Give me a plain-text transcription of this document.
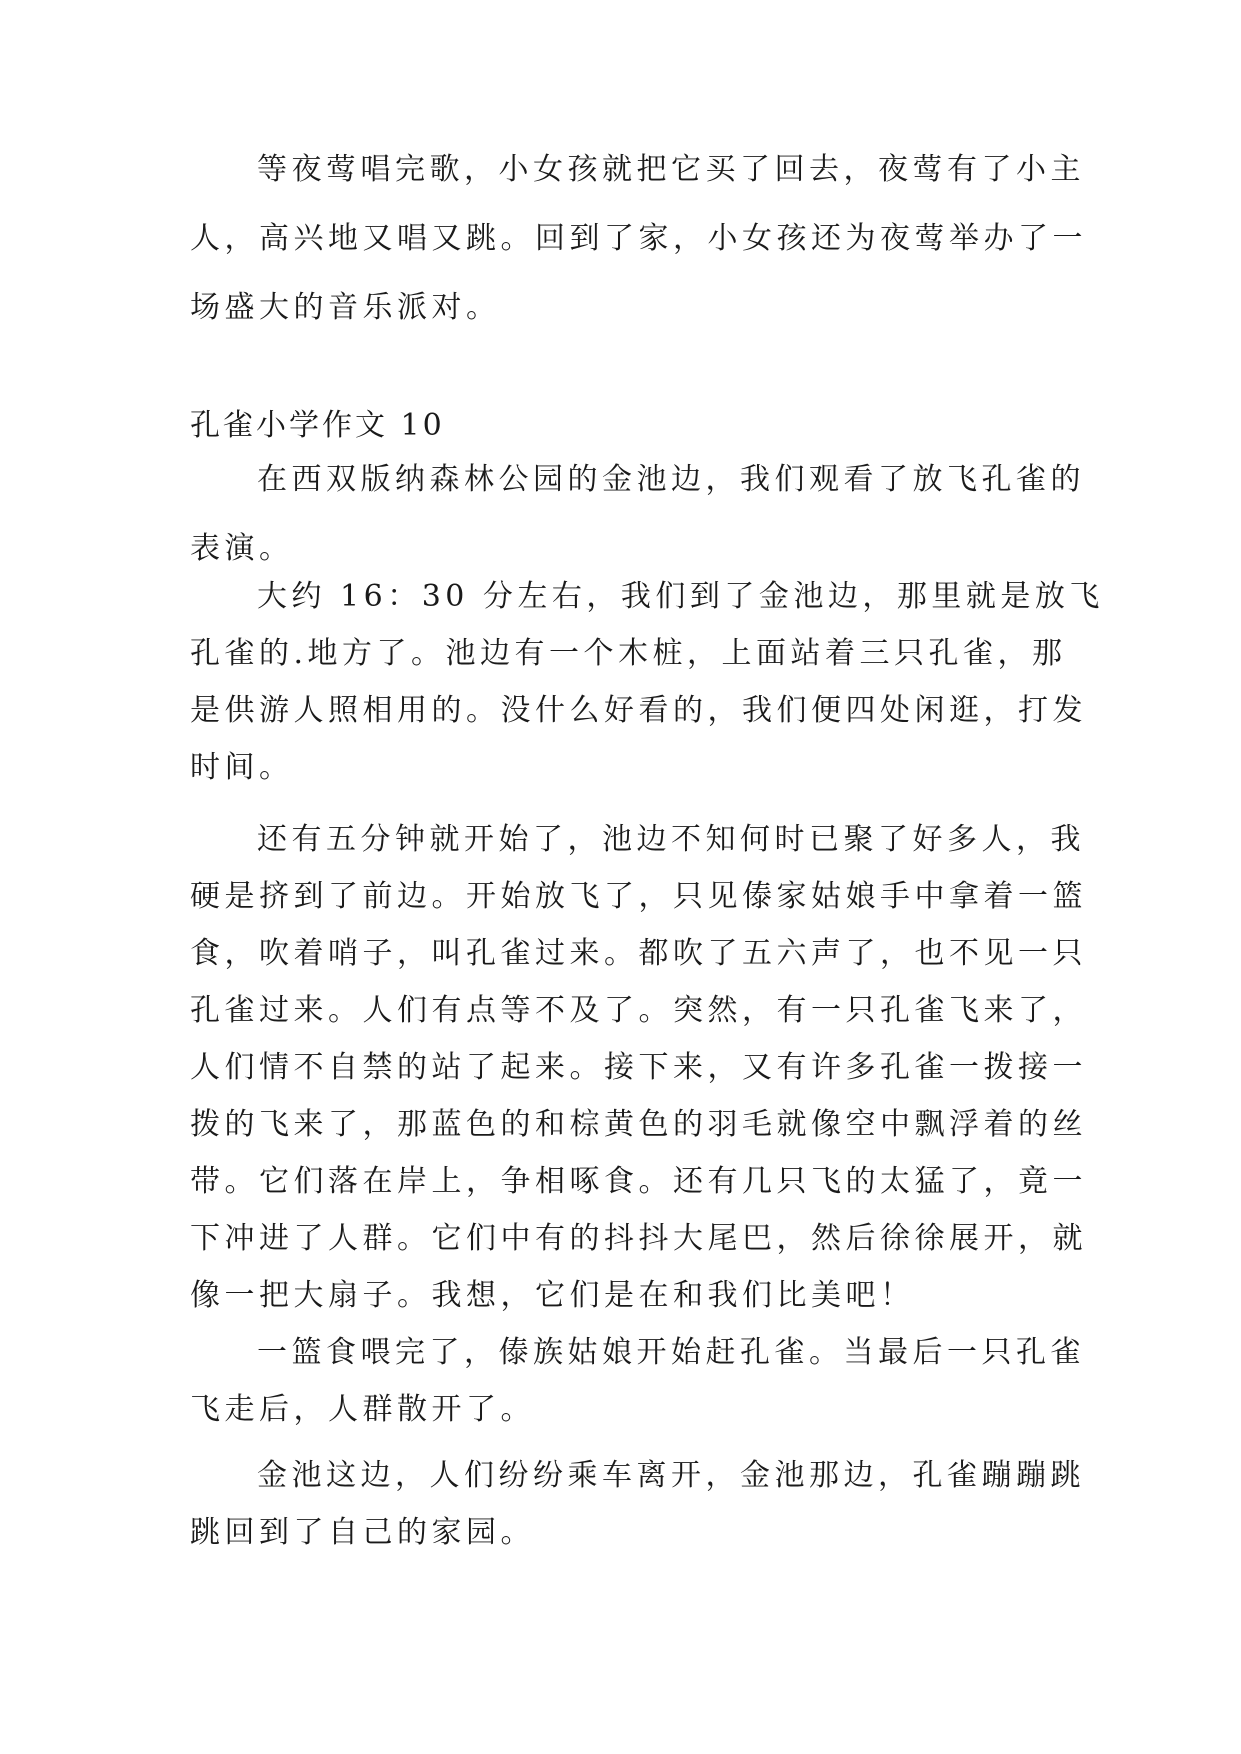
等夜莺唱完歌，小女孩就把它买了回去，夜莺有了小主
人，高兴地又唱又跳。回到了家，小女孩还为夜莺举办了一
场盛大的音乐派对。
孔雀小学作文 10
在西双版纳森林公园的金池边，我们观看了放飞孔雀的
表演。
大约 16：30 分左右，我们到了金池边，那里就是放飞
孔雀的.地方了。池边有一个木桩，上面站着三只孔雀，那
是供游人照相用的。没什么好看的，我们便四处闲逛，打发
时间。
还有五分钟就开始了，池边不知何时已聚了好多人，我
硬是挤到了前边。开始放飞了，只见傣家姑娘手中拿着一篮
食，吹着哨子，叫孔雀过来。都吹了五六声了，也不见一只
孔雀过来。人们有点等不及了。突然，有一只孔雀飞来了，
人们情不自禁的站了起来。接下来，又有许多孔雀一拨接一
拨的飞来了，那蓝色的和棕黄色的羽毛就像空中飘浮着的丝
带。它们落在岸上，争相啄食。还有几只飞的太猛了，竟一
下冲进了人群。它们中有的抖抖大尾巴，然后徐徐展开，就
像一把大扇子。我想，它们是在和我们比美吧！
一篮食喂完了，傣族姑娘开始赶孔雀。当最后一只孔雀
飞走后，人群散开了。
金池这边，人们纷纷乘车离开，金池那边，孔雀蹦蹦跳
跳回到了自己的家园。
